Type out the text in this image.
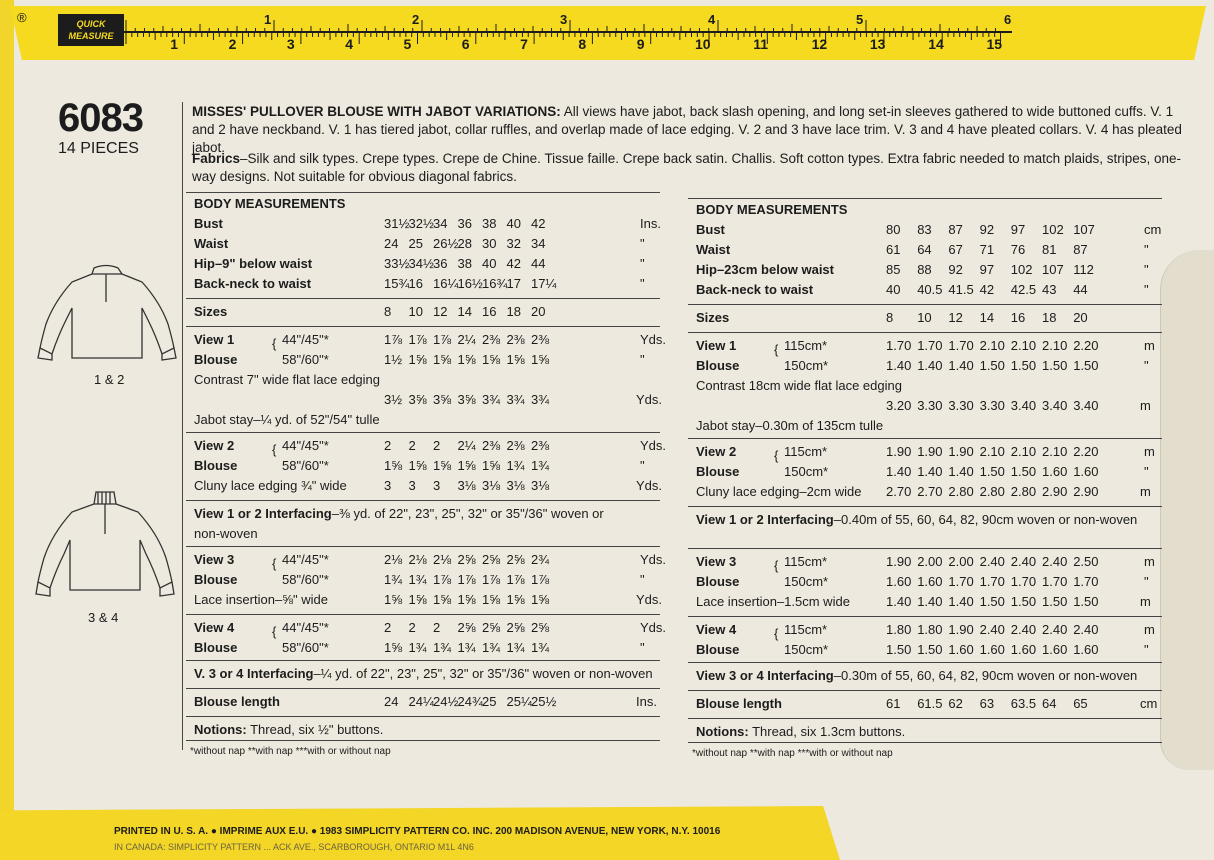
®	QUICK
MEASURE	1	2	3	4	5	6	7	8	9	10	11	12	13	14	15
1	2	3	4	5	6
6083
14 PIECES
1 & 2
3 & 4
MISSES' PULLOVER BLOUSE WITH JABOT VARIATIONS: All views have jabot, back slash opening, and long set-in sleeves gathered to wide buttoned cuffs. V. 1 and 2 have neckband. V. 1 has tiered jabot, collar ruffles, and overlap made of lace edging. V. 2 and 3 have lace trim. V. 3 and 4 have pleated collars. V. 4 has pleated jabot.
Fabrics–Silk and silk types. Crepe types. Crepe de Chine. Tissue faille. Crepe back satin. Challis. Soft cotton types. Extra fabric needed to match plaids, stripes, one-way designs. Not suitable for obvious diagonal fabrics.
BODY MEASUREMENTS
Bust	31½ 32½ 34 36 38 40 42	Ins.
Waist	24 25 26½ 28 30 32 34	"
Hip–9" below waist	33½ 34½ 36 38 40 42 44	"
Back-neck to waist	15¾ 16 16¼ 16½ 16¾ 17 17¼	"
Sizes	8 10 12 14 16 18 20
View 1	{ 44"/45"*	1⅞ 1⅞ 1⅞ 2¼ 2⅜ 2⅜ 2⅜	Yds.
Blouse	58"/60"*	1½ 1⅝ 1⅝ 1⅝ 1⅝ 1⅝ 1⅝	"
Contrast 7" wide flat lace edging
3½ 3⅝ 3⅝ 3⅝ 3¾ 3¾ 3¾	Yds.
Jabot stay–¼ yd. of 52"/54" tulle
View 2	{ 44"/45"*	2 2 2 2¼ 2⅜ 2⅜ 2⅜	Yds.
Blouse	58"/60"*	1⅝ 1⅝ 1⅝ 1⅝ 1⅝ 1¾ 1¾	"
Cluny lace edging ¾" wide	3 3 3 3⅛ 3⅛ 3⅛ 3⅛	Yds.
View 1 or 2 Interfacing–⅜ yd. of 22", 23", 25", 32" or 35"/36" woven or
non-woven
View 3	{ 44"/45"*	2⅛ 2⅛ 2⅛ 2⅝ 2⅝ 2⅝ 2¾	Yds.
Blouse	58"/60"*	1¾ 1¾ 1⅞ 1⅞ 1⅞ 1⅞ 1⅞	"
Lace insertion–⅝" wide	1⅝ 1⅝ 1⅝ 1⅝ 1⅝ 1⅝ 1⅝	Yds.
View 4	{ 44"/45"*	2 2 2 2⅝ 2⅝ 2⅝ 2⅝	Yds.
Blouse	58"/60"*	1⅝ 1¾ 1¾ 1¾ 1¾ 1¾ 1¾	"
V. 3 or 4 Interfacing–¼ yd. of 22", 23", 25", 32" or 35"/36" woven or non-woven
Blouse length	24 24¼ 24½ 24¾ 25 25¼ 25½	Ins.
Notions: Thread, six ½" buttons.
*without nap **with nap ***with or without nap
BODY MEASUREMENTS
Bust	80 83 87 92 97 102 107	cm
Waist	61 64 67 71 76 81 87	"
Hip–23cm below waist	85 88 92 97 102 107 112	"
Back-neck to waist	40 40.5 41.5 42 42.5 43 44	"
Sizes	8 10 12 14 16 18 20
View 1	{ 115cm*	1.70 1.70 1.70 2.10 2.10 2.10 2.20	m
Blouse	150cm*	1.40 1.40 1.40 1.50 1.50 1.50 1.50	"
Contrast 18cm wide flat lace edging
3.20 3.30 3.30 3.30 3.40 3.40 3.40	m
Jabot stay–0.30m of 135cm tulle
View 2	{ 115cm*	1.90 1.90 1.90 2.10 2.10 2.10 2.20	m
Blouse	150cm*	1.40 1.40 1.40 1.50 1.50 1.60 1.60	"
Cluny lace edging–2cm wide 2.70 2.70 2.80 2.80 2.80 2.90 2.90	m
View 1 or 2 Interfacing–0.40m of 55, 60, 64, 82, 90cm woven or non-woven
View 3	{ 115cm*	1.90 2.00 2.00 2.40 2.40 2.40 2.50	m
Blouse	150cm*	1.60 1.60 1.70 1.70 1.70 1.70 1.70	"
Lace insertion–1.5cm wide	1.40 1.40 1.40 1.50 1.50 1.50 1.50	m
View 4	{ 115cm*	1.80 1.80 1.90 2.40 2.40 2.40 2.40	m
Blouse	150cm*	1.50 1.50 1.60 1.60 1.60 1.60 1.60	"
View 3 or 4 Interfacing–0.30m of 55, 60, 64, 82, 90cm woven or non-woven
Blouse length	61 61.5 62 63 63.5 64 65	cm
Notions: Thread, six 1.3cm buttons.
*without nap **with nap ***with or without nap
PRINTED IN U. S. A. ● IMPRIME AUX E.U. ● 1983 SIMPLICITY PATTERN CO. INC. 200 MADISON AVENUE, NEW YORK, N.Y. 10016
IN CANADA: SIMPLICITY PATTERN ... ACK AVE., SCARBOROUGH, ONTARIO M1L 4N6
